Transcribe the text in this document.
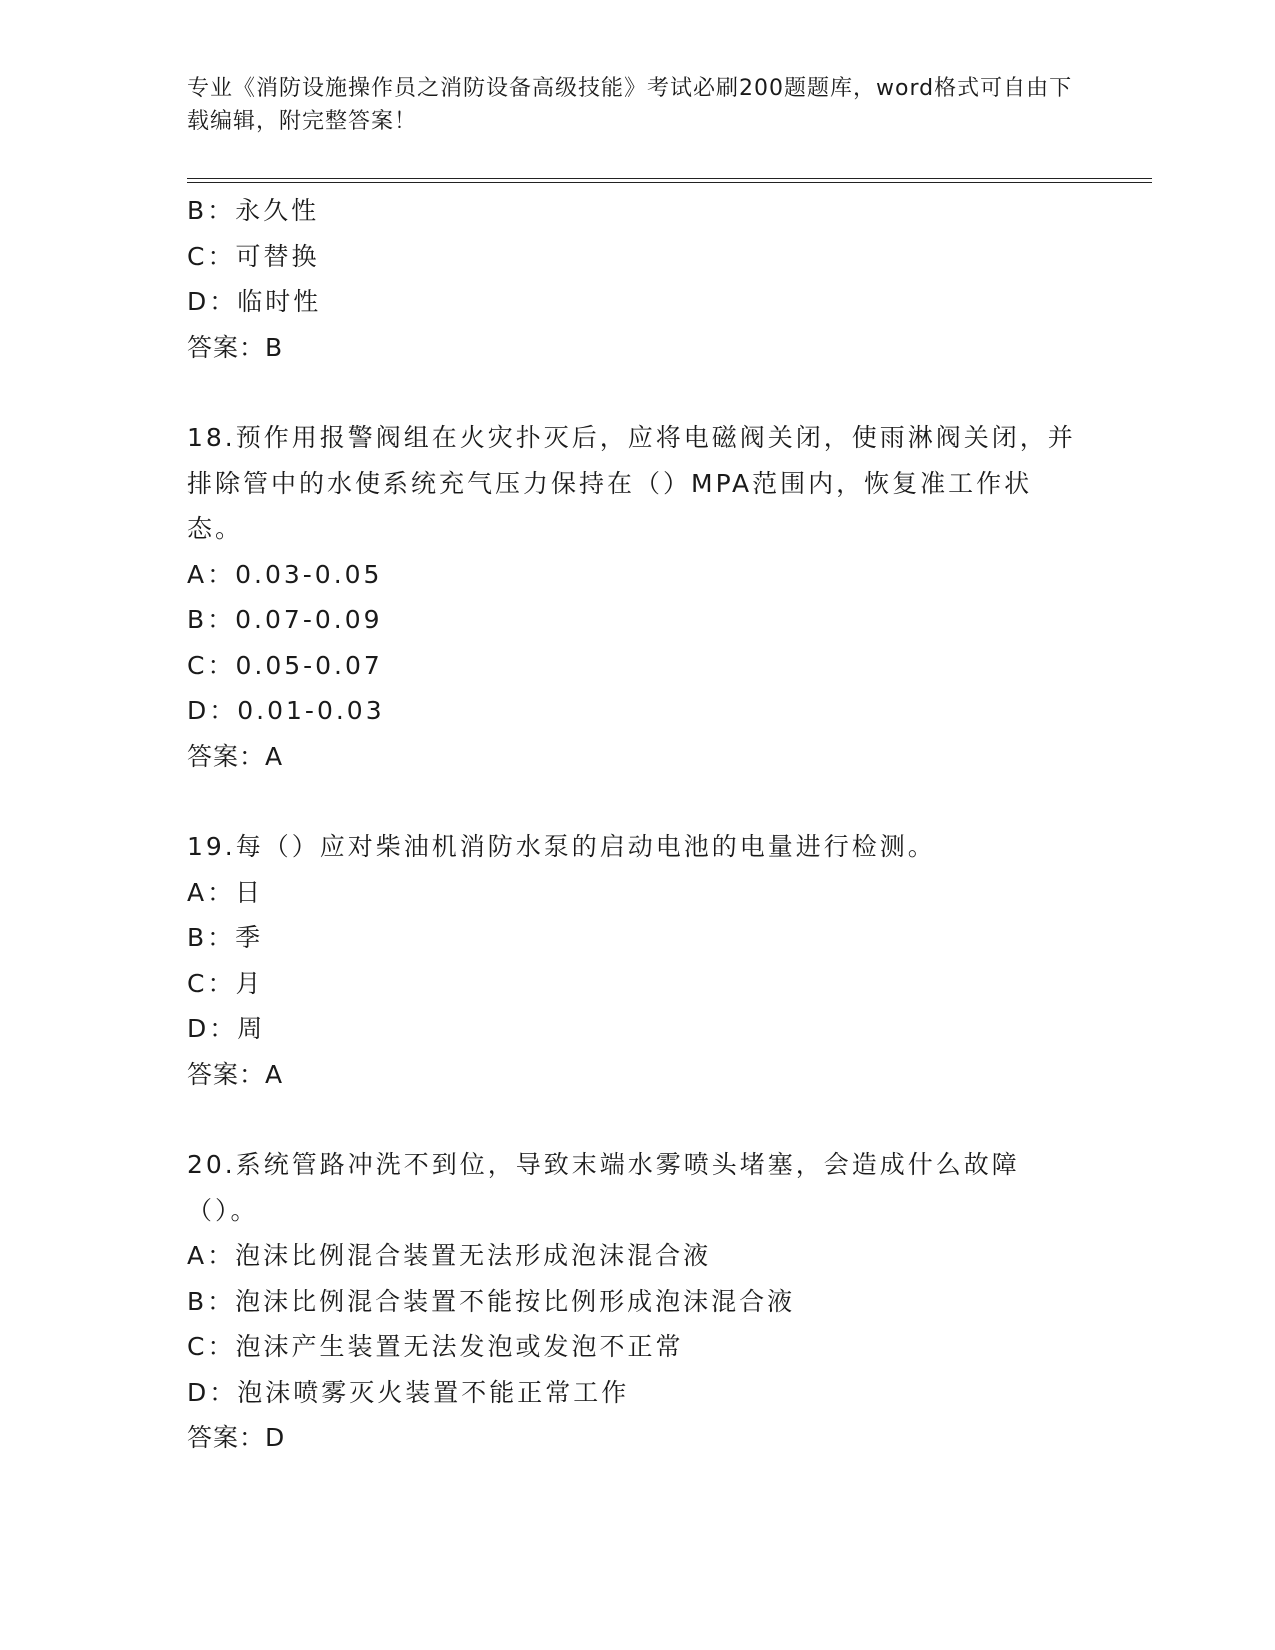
专业《消防设施操作员之消防设备高级技能》考试必刷200题题库，word格式可自由下载编辑，附完整答案！
B：永久性
C：可替换
D：临时性
答案：B
18.预作用报警阀组在火灾扑灭后，应将电磁阀关闭，使雨淋阀关闭，并排除管中的水使系统充气压力保持在（）MPA范围内，恢复准工作状态。
A：0.03-0.05
B：0.07-0.09
C：0.05-0.07
D：0.01-0.03
答案：A
19.每（）应对柴油机消防水泵的启动电池的电量进行检测。
A：日
B：季
C：月
D：周
答案：A
20.系统管路冲洗不到位，导致末端水雾喷头堵塞，会造成什么故障（）。
A：泡沫比例混合装置无法形成泡沫混合液
B：泡沫比例混合装置不能按比例形成泡沫混合液
C：泡沫产生装置无法发泡或发泡不正常
D：泡沫喷雾灭火装置不能正常工作
答案：D
